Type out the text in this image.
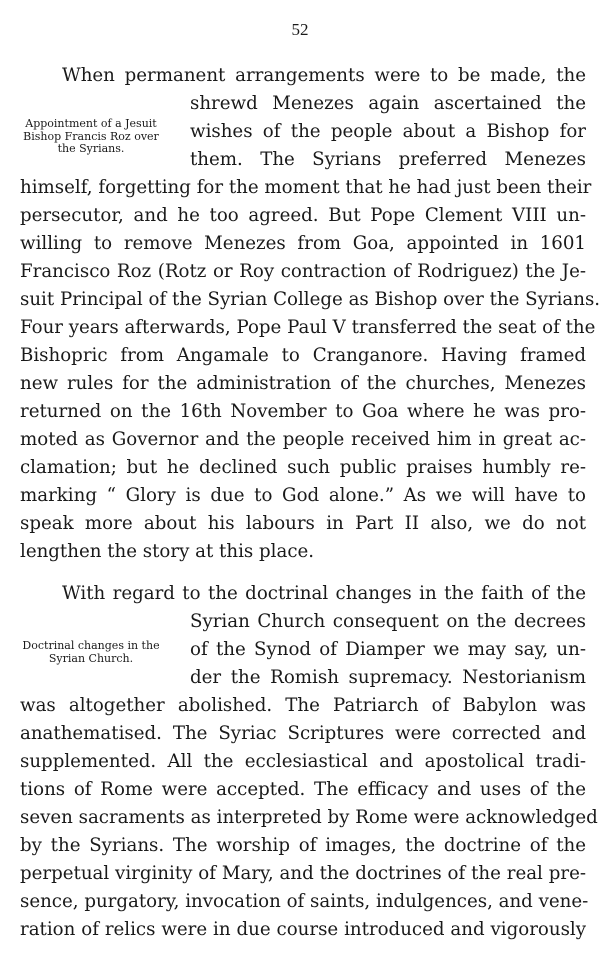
52
When permanent arrangements were to be made, the
Appointment of a Jesuit Bishop Francis Roz over the Syrians.
shrewd Menezes again ascertained the
wishes of the people about a Bishop for
them. The Syrians preferred Menezes
himself, forgetting for the moment that he had just been their
persecutor, and he too agreed. But Pope Clement VIII un-
willing to remove Menezes from Goa, appointed in 1601
Francisco Roz (Rotz or Roy contraction of Rodriguez) the Je-
suit Principal of the Syrian College as Bishop over the Syrians.
Four years afterwards, Pope Paul V transferred the seat of the
Bishopric from Angamale to Cranganore. Having framed
new rules for the administration of the churches, Menezes
returned on the 16th November to Goa where he was pro-
moted as Governor and the people received him in great ac-
clamation; but he declined such public praises humbly re-
marking “ Glory is due to God alone.” As we will have to
speak more about his labours in Part II also, we do not
lengthen the story at this place.
With regard to the doctrinal changes in the faith of the
Doctrinal changes in the Syrian Church.
Syrian Church consequent on the decrees
of the Synod of Diamper we may say, un-
der the Romish supremacy. Nestorianism
was altogether abolished. The Patriarch of Babylon was
anathematised. The Syriac Scriptures were corrected and
supplemented. All the ecclesiastical and apostolical tradi-
tions of Rome were accepted. The efficacy and uses of the
seven sacraments as interpreted by Rome were acknowledged
by the Syrians. The worship of images, the doctrine of the
perpetual virginity of Mary, and the doctrines of the real pre-
sence, purgatory, invocation of saints, indulgences, and vene-
ration of relics were in due course introduced and vigorously
